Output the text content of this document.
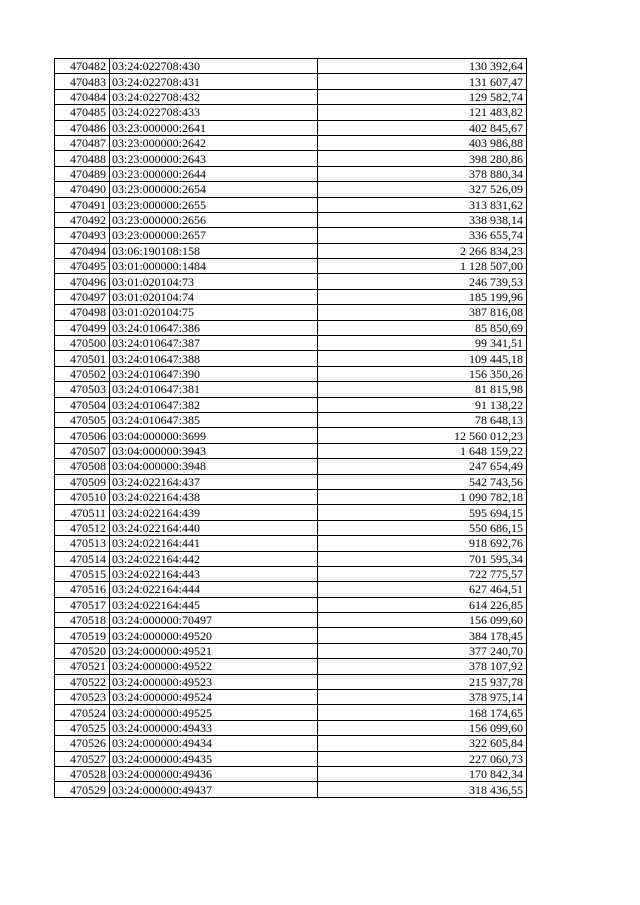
470482	03:24:022708:430	130 392,64
470483	03:24:022708:431	131 607,47
470484	03:24:022708:432	129 582,74
470485	03:24:022708:433	121 483,82
470486	03:23:000000:2641	402 845,67
470487	03:23:000000:2642	403 986,88
470488	03:23:000000:2643	398 280,86
470489	03:23:000000:2644	378 880,34
470490	03:23:000000:2654	327 526,09
470491	03:23:000000:2655	313 831,62
470492	03:23:000000:2656	338 938,14
470493	03:23:000000:2657	336 655,74
470494	03:06:190108:158	2 266 834,23
470495	03:01:000000:1484	1 128 507,00
470496	03:01:020104:73	246 739,53
470497	03:01:020104:74	185 199,96
470498	03:01:020104:75	387 816,08
470499	03:24:010647:386	85 850,69
470500	03:24:010647:387	99 341,51
470501	03:24:010647:388	109 445,18
470502	03:24:010647:390	156 350,26
470503	03:24:010647:381	81 815,98
470504	03:24:010647:382	91 138,22
470505	03:24:010647:385	78 648,13
470506	03:04:000000:3699	12 560 012,23
470507	03:04:000000:3943	1 648 159,22
470508	03:04:000000:3948	247 654,49
470509	03:24:022164:437	542 743,56
470510	03:24:022164:438	1 090 782,18
470511	03:24:022164:439	595 694,15
470512	03:24:022164:440	550 686,15
470513	03:24:022164:441	918 692,76
470514	03:24:022164:442	701 595,34
470515	03:24:022164:443	722 775,57
470516	03:24:022164:444	627 464,51
470517	03:24:022164:445	614 226,85
470518	03:24:000000:70497	156 099,60
470519	03:24:000000:49520	384 178,45
470520	03:24:000000:49521	377 240,70
470521	03:24:000000:49522	378 107,92
470522	03:24:000000:49523	215 937,78
470523	03:24:000000:49524	378 975,14
470524	03:24:000000:49525	168 174,65
470525	03:24:000000:49433	156 099,60
470526	03:24:000000:49434	322 605,84
470527	03:24:000000:49435	227 060,73
470528	03:24:000000:49436	170 842,34
470529	03:24:000000:49437	318 436,55
